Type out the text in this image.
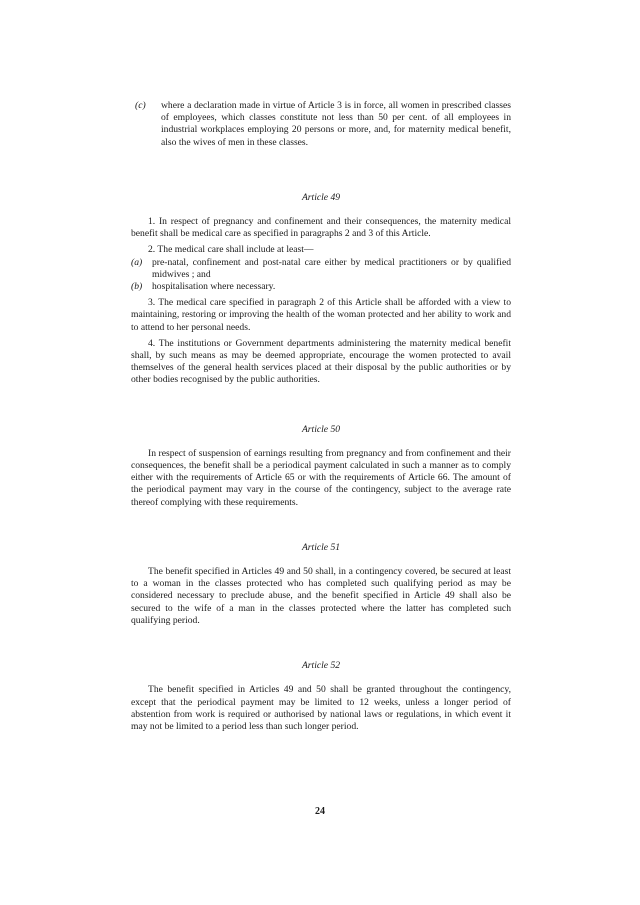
(c) where a declaration made in virtue of Article 3 is in force, all women in prescribed classes of employees, which classes constitute not less than 50 per cent. of all employees in industrial workplaces employing 20 persons or more, and, for maternity medical benefit, also the wives of men in these classes.

Article 49

1. In respect of pregnancy and confinement and their consequences, the maternity medical benefit shall be medical care as specified in paragraphs 2 and 3 of this Article.

2. The medical care shall include at least—

(a) pre-natal, confinement and post-natal care either by medical practitioners or by qualified midwives ; and

(b) hospitalisation where necessary.

3. The medical care specified in paragraph 2 of this Article shall be afforded with a view to maintaining, restoring or improving the health of the woman protected and her ability to work and to attend to her personal needs.

4. The institutions or Government departments administering the maternity medical benefit shall, by such means as may be deemed appropriate, encourage the women protected to avail themselves of the general health services placed at their disposal by the public authorities or by other bodies recognised by the public authorities.

Article 50

In respect of suspension of earnings resulting from pregnancy and from confinement and their consequences, the benefit shall be a periodical payment calculated in such a manner as to comply either with the requirements of Article 65 or with the requirements of Article 66. The amount of the periodical payment may vary in the course of the contingency, subject to the average rate thereof complying with these requirements.

Article 51

The benefit specified in Articles 49 and 50 shall, in a contingency covered, be secured at least to a woman in the classes protected who has completed such qualifying period as may be considered necessary to preclude abuse, and the benefit specified in Article 49 shall also be secured to the wife of a man in the classes protected where the latter has completed such qualifying period.

Article 52

The benefit specified in Articles 49 and 50 shall be granted throughout the contingency, except that the periodical payment may be limited to 12 weeks, unless a longer period of abstention from work is required or authorised by national laws or regulations, in which event it may not be limited to a period less than such longer period.

24
